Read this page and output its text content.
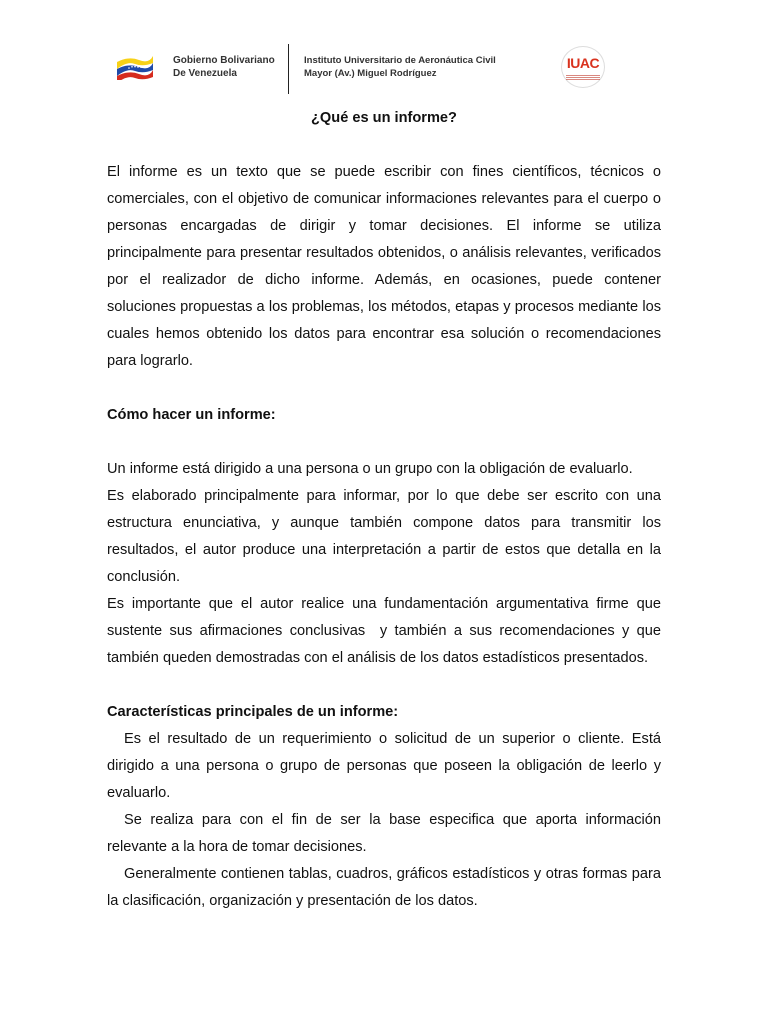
Gobierno Bolivariano
De Venezuela
Instituto Universitario de Aeronáutica Civil
Mayor (Av.) Miguel Rodríguez
IUAC
¿Qué es un informe?

El informe es un texto que se puede escribir con fines científicos, técnicos o comerciales, con el objetivo de comunicar informaciones relevantes para el cuerpo o personas encargadas de dirigir y tomar decisiones. El informe se utiliza principalmente para presentar resultados obtenidos, o análisis relevantes, verificados por el realizador de dicho informe. Además, en ocasiones, puede contener soluciones propuestas a los problemas, los métodos, etapas y procesos mediante los cuales hemos obtenido los datos para encontrar esa solución o recomendaciones para lograrlo.

Cómo hacer un informe:

Un informe está dirigido a una persona o un grupo con la obligación de evaluarlo.

Es elaborado principalmente para informar, por lo que debe ser escrito con una estructura enunciativa, y aunque también compone datos para transmitir los resultados, el autor produce una interpretación a partir de estos que detalla en la conclusión.

Es importante que el autor realice una fundamentación argumentativa firme que sustente sus afirmaciones conclusivas  y también a sus recomendaciones y que también queden demostradas con el análisis de los datos estadísticos presentados.

Características principales de un informe:

Es el resultado de un requerimiento o solicitud de un superior o cliente. Está dirigido a una persona o grupo de personas que poseen la obligación de leerlo y evaluarlo.

Se realiza para con el fin de ser la base especifica que aporta información relevante a la hora de tomar decisiones.

Generalmente contienen tablas, cuadros, gráficos estadísticos y otras formas para la clasificación, organización y presentación de los datos.
